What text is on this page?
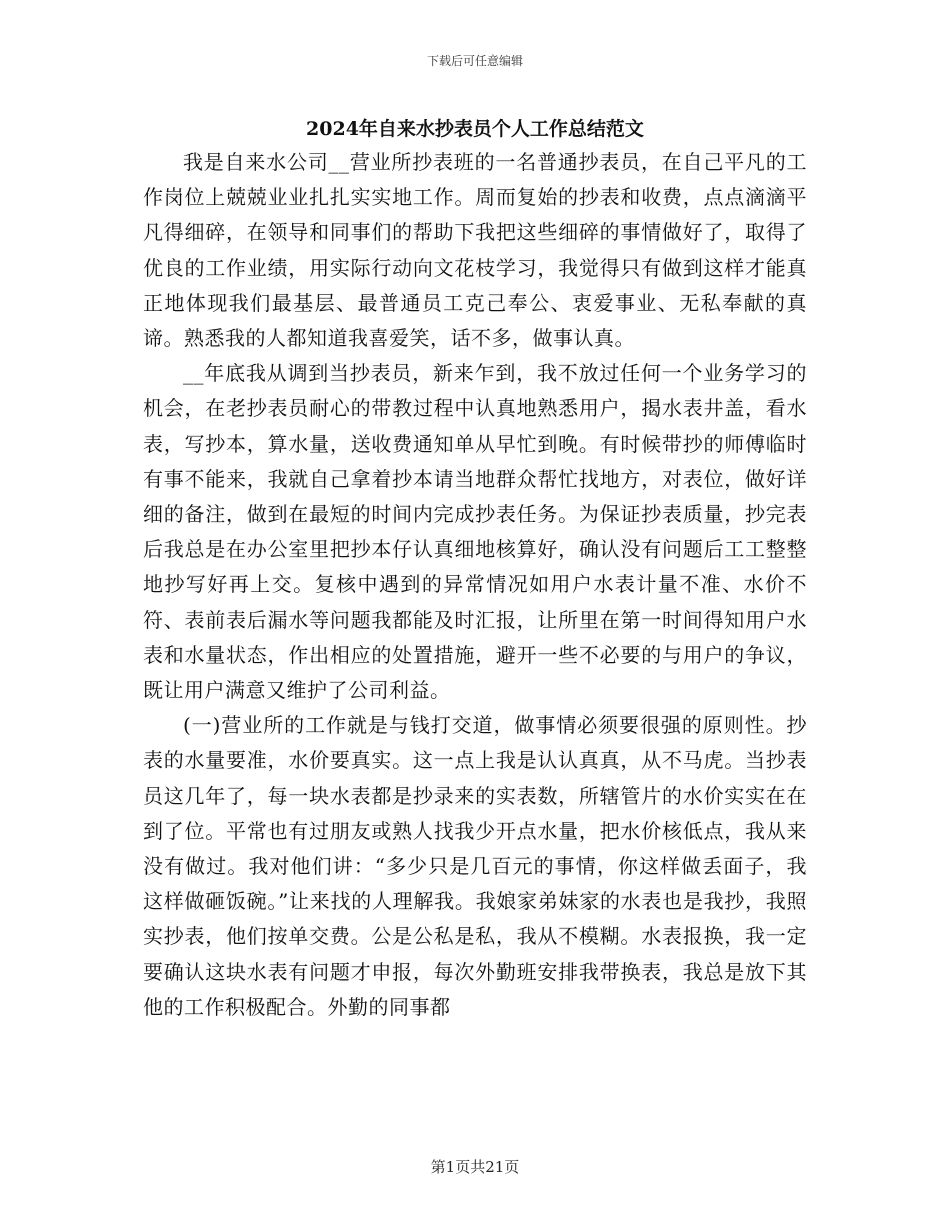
下载后可任意编辑
2024年自来水抄表员个人工作总结范文

我是自来水公司__营业所抄表班的一名普通抄表员，在自己平凡的工作岗位上兢兢业业扎扎实实地工作。周而复始的抄表和收费，点点滴滴平凡得细碎，在领导和同事们的帮助下我把这些细碎的事情做好了，取得了优良的工作业绩，用实际行动向文花枝学习，我觉得只有做到这样才能真正地体现我们最基层、最普通员工克己奉公、衷爱事业、无私奉献的真谛。熟悉我的人都知道我喜爱笑，话不多，做事认真。

__年底我从调到当抄表员，新来乍到，我不放过任何一个业务学习的机会，在老抄表员耐心的带教过程中认真地熟悉用户，揭水表井盖，看水表，写抄本，算水量，送收费通知单从早忙到晚。有时候带抄的师傅临时有事不能来，我就自己拿着抄本请当地群众帮忙找地方，对表位，做好详细的备注，做到在最短的时间内完成抄表任务。为保证抄表质量，抄完表后我总是在办公室里把抄本仔认真细地核算好，确认没有问题后工工整整地抄写好再上交。复核中遇到的异常情况如用户水表计量不准、水价不符、表前表后漏水等问题我都能及时汇报，让所里在第一时间得知用户水表和水量状态，作出相应的处置措施，避开一些不必要的与用户的争议，既让用户满意又维护了公司利益。

(一)营业所的工作就是与钱打交道，做事情必须要很强的原则性。抄表的水量要准，水价要真实。这一点上我是认认真真，从不马虎。当抄表员这几年了，每一块水表都是抄录来的实表数，所辖管片的水价实实在在到了位。平常也有过朋友或熟人找我少开点水量，把水价核低点，我从来没有做过。我对他们讲：“多少只是几百元的事情，你这样做丢面子，我这样做砸饭碗。”让来找的人理解我。我娘家弟妹家的水表也是我抄，我照实抄表，他们按单交费。公是公私是私，我从不模糊。水表报换，我一定要确认这块水表有问题才申报，每次外勤班安排我带换表，我总是放下其他的工作积极配合。外勤的同事都

第1页共21页
